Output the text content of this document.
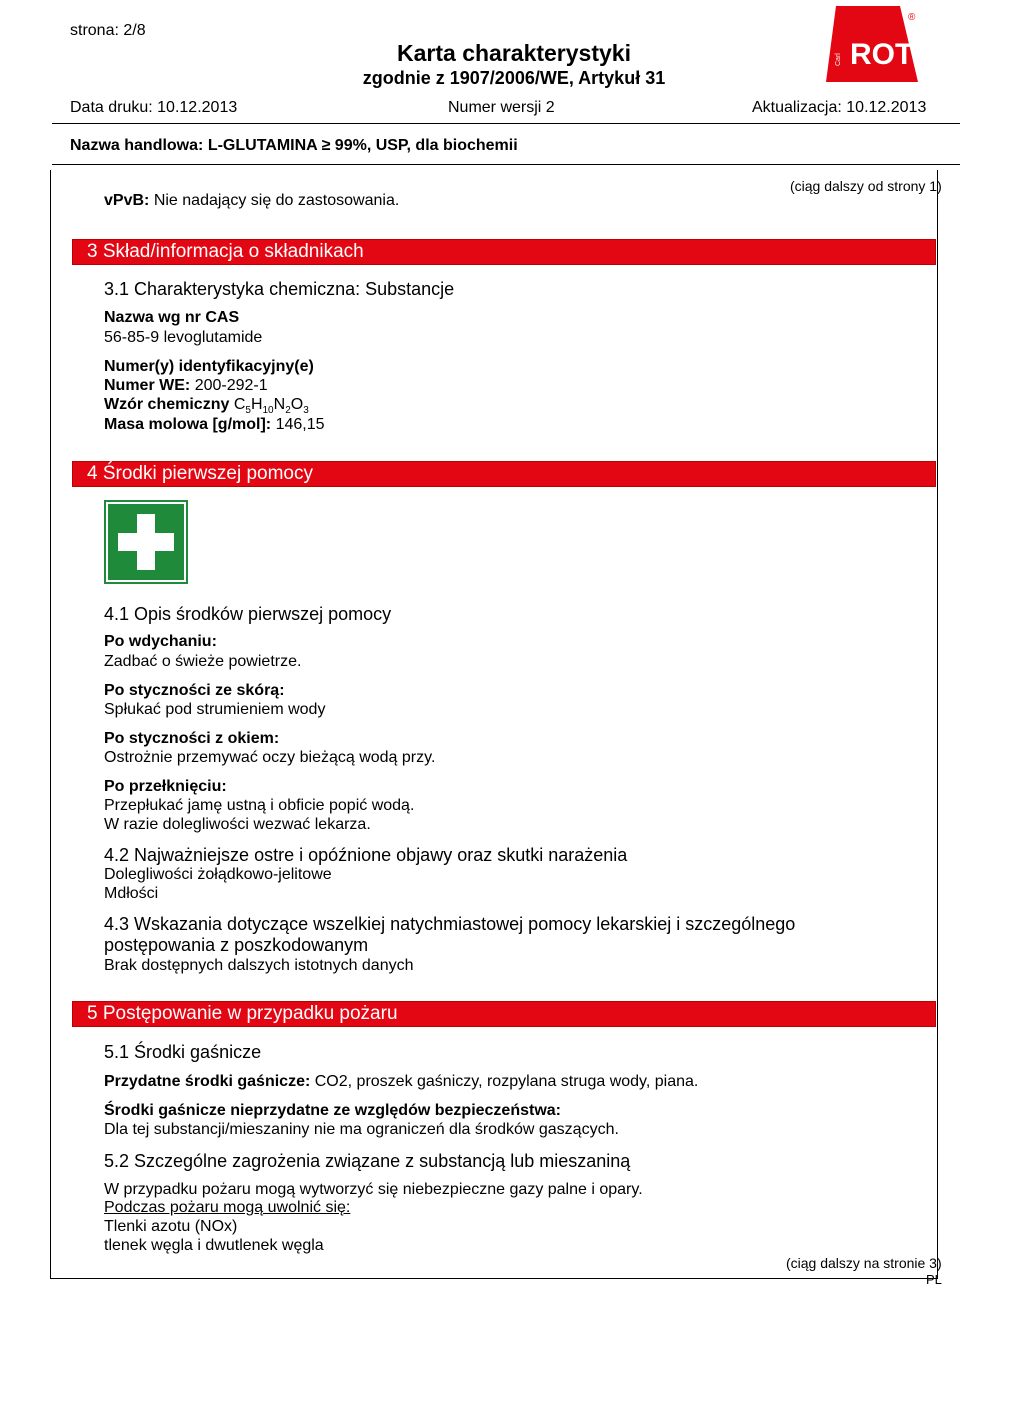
strona: 2/8
Karta charakterystyki
zgodnie z 1907/2006/WE, Artykuł 31
ROTH
Carl
®
Data druku: 10.12.2013	Numer wersji 2	Aktualizacja: 10.12.2013
Nazwa handlowa: L-GLUTAMINA ≥ 99%, USP, dla biochemii
(ciąg dalszy od strony 1)
vPvB: Nie nadający się do zastosowania.
3 Skład/informacja o składnikach
3.1 Charakterystyka chemiczna: Substancje
Nazwa wg nr CAS
56-85-9 levoglutamide
Numer(y) identyfikacyjny(e)
Numer WE: 200-292-1
Wzór chemiczny $C_5H_{10}N_2O_3$
Masa molowa [g/mol]: 146,15
4 Środki pierwszej pomocy
4.1 Opis środków pierwszej pomocy
Po wdychaniu:
Zadbać o świeże powietrze.
Po styczności ze skórą:
Spłukać pod strumieniem wody
Po styczności z okiem:
Ostrożnie przemywać oczy bieżącą wodą przy.
Po przełknięciu:
Przepłukać jamę ustną i obficie popić wodą.
W razie dolegliwości wezwać lekarza.
4.2 Najważniejsze ostre i opóźnione objawy oraz skutki narażenia
Dolegliwości żołądkowo-jelitowe
Mdłości
4.3 Wskazania dotyczące wszelkiej natychmiastowej pomocy lekarskiej i szczególnego
postępowania z poszkodowanym
Brak dostępnych dalszych istotnych danych
5 Postępowanie w przypadku pożaru
5.1 Środki gaśnicze
Przydatne środki gaśnicze: CO2, proszek gaśniczy, rozpylana struga wody, piana.
Środki gaśnicze nieprzydatne ze względów bezpieczeństwa:
Dla tej substancji/mieszaniny nie ma ograniczeń dla środków gaszących.
5.2 Szczególne zagrożenia związane z substancją lub mieszaniną
W przypadku pożaru mogą wytworzyć się niebezpieczne gazy palne i opary.
Podczas pożaru mogą uwolnić się:
Tlenki azotu (NOx)
tlenek węgla i dwutlenek węgla
(ciąg dalszy na stronie 3)
PL
